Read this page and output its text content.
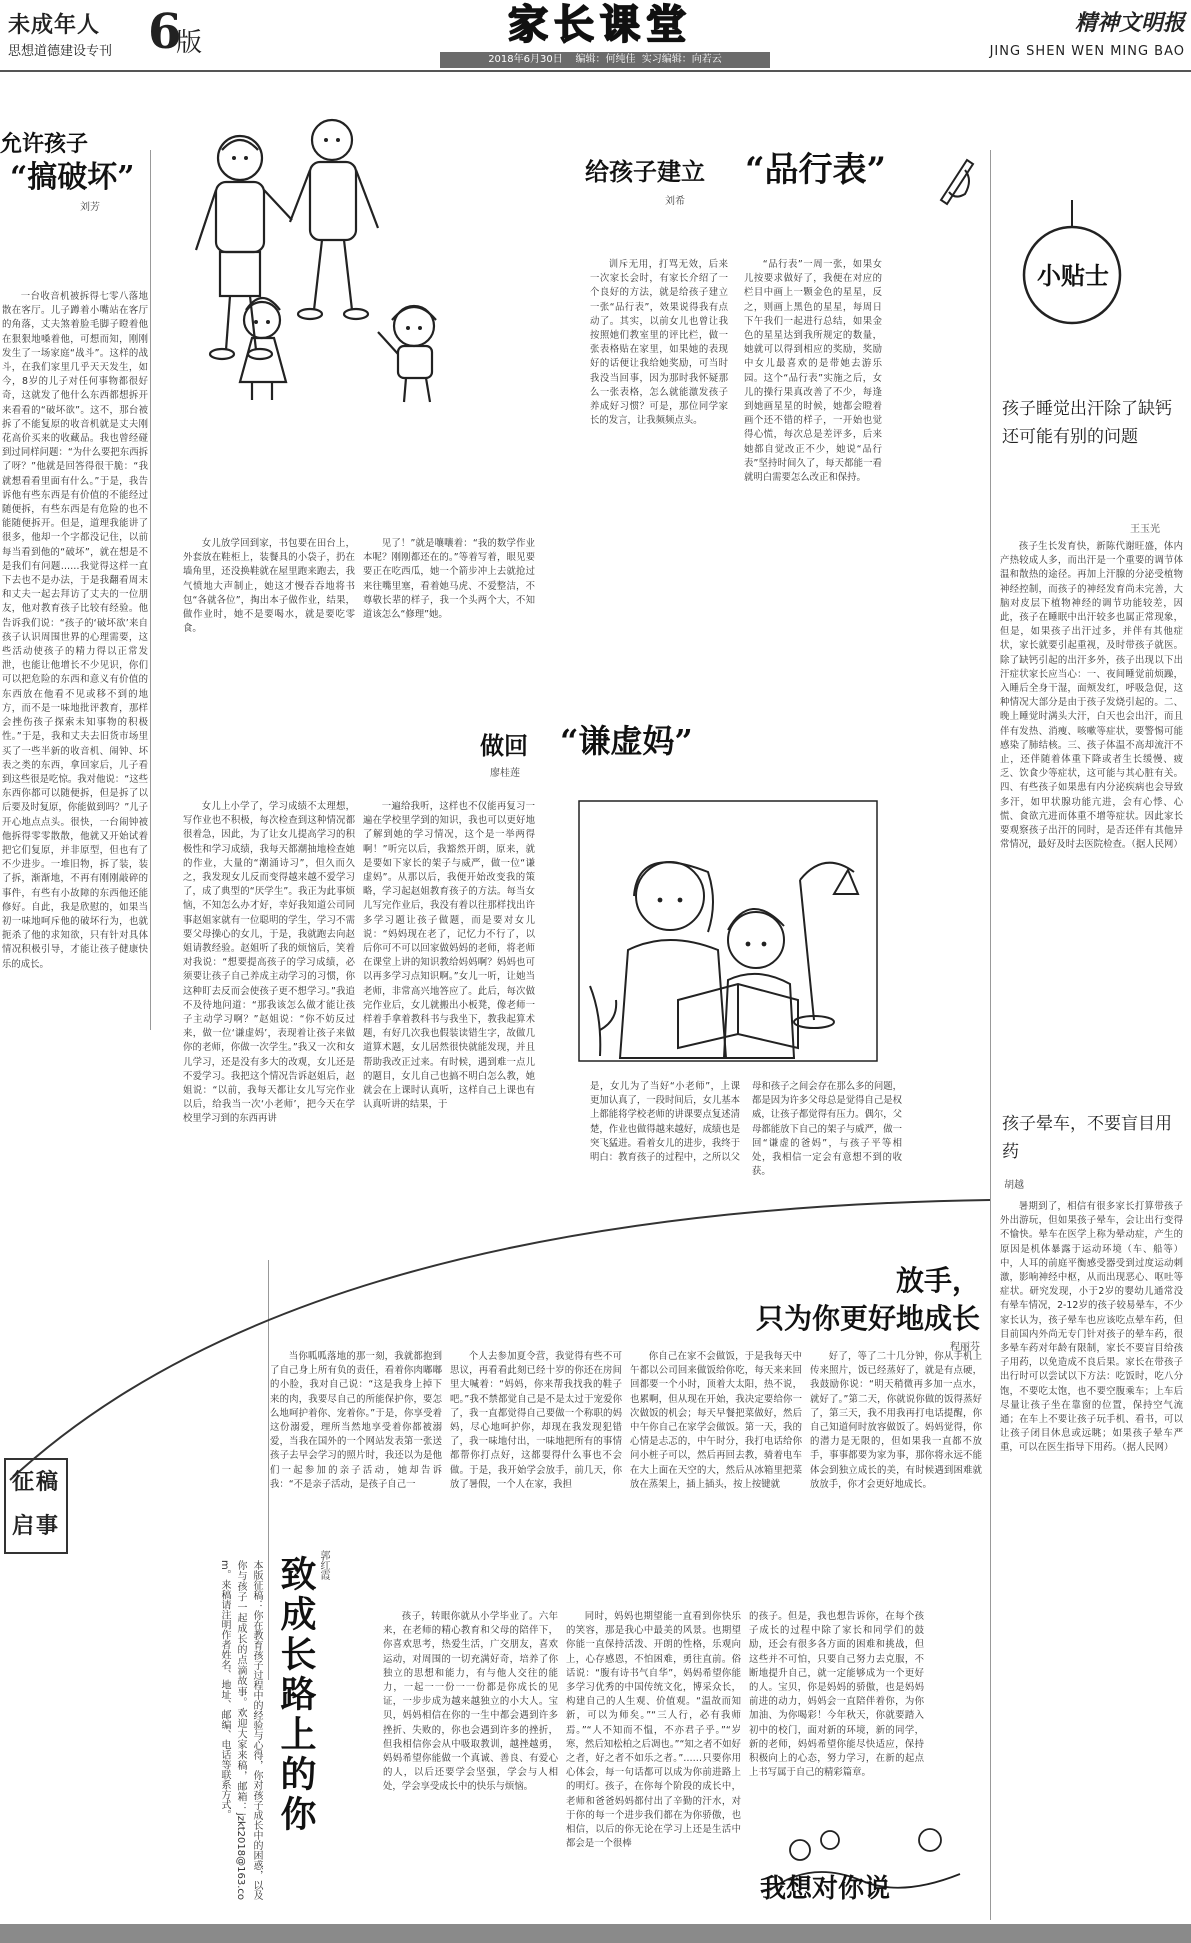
未成年人
思想道德建设专刊 6
版	家长课堂
2018年6月30日    编辑：何纯佳  实习编辑：向若云
精神文明报
JING SHEN WEN MING BAO
允许孩子
“搞破坏”
刘芳
一台收音机被拆得七零八落地散在客厅。儿子蹲着小嘴站在客厅的角落，丈夫煞着脸毛脚子瞪着他在狠狠地嗓着他，可想而知，刚刚发生了一场家庭“战斗”。这样的战斗，在我们家里几乎天天发生，如今，8岁的儿子对任何事物都很好奇，这就发了他什么东西都想拆开来看看的“破坏欲”。这不，那台被拆了不能复原的收音机就是丈夫刚花高价买来的收藏品。我也曾经碰到过同样问题：“为什么要把东西拆了呀？”他就是回答得很干脆：“我就想看看里面有什么。”于是，我告诉他有些东西是有价值的不能经过随便拆，有些东西是有危险的也不能随便拆开。但是，道理我能讲了很多，他却一个字都没记住，以前每当看到他的“破坏”，就在想是不是我们有问题……我觉得这样一直下去也不是办法，于是我翻看周末和丈夫一起去拜访了丈夫的一位朋友，他对教育孩子比较有经验。他告诉我们说：“孩子的‘破坏欲’来自孩子认识周围世界的心理需要，这些活动使孩子的精力得以正常发泄，也能让他增长不少见识，你们可以把危险的东西和意义有价值的东西放在他看不见或移不到的地方，而不是一味地批评教育，那样会挫伤孩子探索未知事物的积极性。”于是，我和丈夫去旧货市场里买了一些半新的收音机、闹钟、坏表之类的东西，拿回家后，儿子看到这些很是吃惊。我对他说：“这些东西你都可以随便拆，但是拆了以后要及时复原，你能做到吗？”儿子开心地点点头。很快，一台闹钟被他拆得零零散散，他就又开始试着把它们复原，并非原型，但也有了不少进步。一堆旧物，拆了装，装了拆，渐渐地，不再有刚刚敲碎的事件，有些有小故障的东西他还能修好。自此，我是欣慰的，如果当初一味地呵斥他的破坏行为，也就扼杀了他的求知欲，只有针对具体情况积极引导，才能让孩子健康快乐的成长。
给孩子建立 “品行表”
刘希
女儿放学回到家，书包要在田台上，外套放在鞋柜上，装餐具的小袋子，扔在墙角里，还没换鞋就在屋里跑来跑去，我气愤地大声制止，她这才慢吞吞地将书包“各就各位”，掏出本子做作业，结果，做作业时，她不是要喝水，就是要吃零食。
见了！”就是嚷嚷着：“我的数学作业本呢？刚刚都还在的。”等着写着，眼见要要正在吃西瓜，她一个箭步冲上去就抢过来往嘴里塞，看着她马虎、不爱整洁，不尊敬长辈的样子，我一个头两个大，不知道该怎么“修理”她。
训斥无用，打骂无效，后来一次家长会时，有家长介绍了一个良好的方法，就是给孩子建立一张“品行表”，效果说得我有点动了。其实，以前女儿也曾让我按照她们教室里的评比栏，做一张表格贴在家里，如果她的表现好的话便让我给她奖励，可当时我没当回事，因为那时我怀疑那么一张表格，怎么就能激发孩子养成好习惯？可是，那位同学家长的发言，让我频频点头。
“品行表”一周一张，如果女儿按要求做好了，我便在对应的栏目中画上一颗金色的星星，反之，则画上黑色的星星，每周日下午我们一起进行总结，如果金色的星星达到我所规定的数量，她就可以得到相应的奖励，奖励中女儿最喜欢的是带她去游乐园。这个“品行表”实施之后，女儿的操行果真改善了不少，每逢到她画星星的时候，她都会瞪着画个还不错的样子，一开始也觉得心慌，每次总是差评多，后来她都自觉改正不少，她说“品行表”坚持时间久了，每天都能一看就明白需要怎么改正和保持。
小贴士
孩子睡觉出汗除了缺钙还可能有别的问题
王玉光
孩子生长发育快，新陈代谢旺盛，体内产热较成人多，而出汗是一个重要的调节体温和散热的途径。再加上汗腺的分泌受植物神经控制，而孩子的神经发育尚未完善，大脑对皮层下植物神经的调节功能较差，因此，孩子在睡眠中出汗较多也属正常现象，但是，如果孩子出汗过多，并伴有其他症状，家长就要引起重视，及时带孩子就医。除了缺钙引起的出汗多外，孩子出现以下出汗症状家长应当心：一、夜间睡觉前烦躁，入睡后全身干湿，面颊发红，呼吸急促，这种情况大部分是由于孩子发烧引起的。二、晚上睡觉时满头大汗，白天也会出汗，而且伴有发热、消瘦、咳嗽等症状，要警惕可能感染了肺结核。三、孩子体温不高却流汗不止，还伴随着体重下降或者生长缓慢、疲乏、饮食少等症状，这可能与其心脏有关。四、有些孩子如果患有内分泌疾病也会导致多汗，如甲状腺功能亢进，会有心悸、心慌、食欲亢进而体重不增等症状。因此家长要观察孩子出汗的同时，是否还伴有其他异常情况，最好及时去医院检查。（据人民网）
孩子晕车，不要盲目用药
胡越
暑期到了，相信有很多家长打算带孩子外出游玩，但如果孩子晕车，会让出行变得不愉快。晕车在医学上称为晕动症，产生的原因是机体暴露于运动环境（车、船等）中，人耳的前庭平衡感受器受到过度运动刺激，影响神经中枢，从而出现恶心、呕吐等症状。研究发现，小于2岁的婴幼儿通常没有晕车情况，2-12岁的孩子较易晕车，不少家长认为，孩子晕车也应该吃点晕车药，但目前国内外尚无专门针对孩子的晕车药，很多晕车药对年龄有限制，家长不要盲目给孩子用药，以免造成不良后果。家长在带孩子出行时可以尝试以下方法：吃饭时，吃八分饱，不要吃太饱，也不要空腹乘车；上车后尽量让孩子坐在靠窗的位置，保持空气流通；在车上不要让孩子玩手机、看书，可以让孩子闭目休息或远眺；如果孩子晕车严重，可以在医生指导下用药。（据人民网）
做回 “谦虚妈”
廖桂莲
女儿上小学了，学习成绩不太理想，写作业也不积极，每次检查到这种情况都很着急，因此，为了让女儿提高学习的积极性和学习成绩，我每天都潮抽地检查她的作业，大量的“潮涌诗习”，但久而久之，我发现女儿反而变得越来越不爱学习了，成了典型的“厌学生”。我正为此事烦恼，不知怎么办才好，幸好我知道公司同事赵姐家就有一位聪明的学生，学习不需要父母操心的女儿，于是，我就跑去向赵姐请教经验。赵姐听了我的烦恼后，笑着对我说：“想要提高孩子的学习成绩，必须要让孩子自己养成主动学习的习惯，你这种盯去反而会使孩子更不想学习。”我追不及待地问道：“那我该怎么做才能让孩子主动学习啊？”赵姐说：“你不妨反过来，做一位‘谦虚妈’，表现着让孩子来做你的老师，你做一次学生。”我又一次和女儿学习，还是没有多大的改观，女儿还是不爱学习。我把这个情况告诉赵姐后，赵姐说：“以前，我每天都让女儿写完作业以后，给我当一次‘小老师’，把今天在学校里学习到的东西再讲
一遍给我听，这样也不仅能再复习一遍在学校里学到的知识，我也可以更好地了解到她的学习情况，这个是一举两得啊！”听完以后，我豁然开朗，原来，就是要如下家长的架子与威严，做一位“谦虚妈”。从那以后，我便开始改变我的策略，学习起赵姐教育孩子的方法。每当女儿写完作业后，我没有着以往那样找出许多学习题让孩子做题，而是要对女儿说：“妈妈现在老了，记忆力不行了，以后你可不可以回家做妈妈的老师，将老师在课堂上讲的知识教给妈妈啊？妈妈也可以再多学习点知识啊。”女儿一听，让她当老师，非常高兴地答应了。此后，每次做完作业后，女儿就搬出小板凳，像老师一样着手拿着教科书与我坐下，教我起算术题，有好几次我也假装读错生字，故做几道算术题，女儿居然很快就能发现，并且帮助我改正过来。有时候，遇到难一点儿的题目，女儿自己也搞不明白怎么教，她就会在上课时认真听，这样自己上课也有认真听讲的结果，于
是，女儿为了当好“小老师”，上课更加认真了，一段时间后，女儿基本上都能将学校老师的讲课要点复述清楚，作业也做得越来越好，成绩也是突飞猛进。看着女儿的进步，我终于明白：教育孩子的过程中，之所以父
母和孩子之间会存在那么多的问题，都是因为许多父母总是觉得自己是权威，让孩子都觉得有压力。偶尔，父母都能放下自己的架子与威严，做一回“谦虚的爸妈”，与孩子平等相处，我相信一定会有意想不到的收获。
放手，
只为你更好地成长
程丽芬
当你呱呱落地的那一刻，我就都抱到了自己身上所有负的责任，看着你肉嘟嘟的小脸，我对自己说：“这是我身上掉下来的肉，我要尽自己的所能保护你，要怎么地呵护着你、宠着你。”于是，你享受着这份溺爱，理所当然地享受着你都被溺爱，当我在国外的一个网站发表第一张送孩子去早会学习的照片时，我还以为是他们一起参加的亲子活动，她却告诉我：“不是亲子活动，是孩子自己一
个人去参加夏令营，我觉得有些不可思议，再看看此刻已经十岁的你还在房间里大喊着：“妈妈，你来帮我找我的鞋子吧。”我不禁都觉自己是不是太过于宠爱你了，我一直都觉得自己要做一个称职的妈妈，尽心地呵护你，却现在我发现犯错了，我一味地付出，一味地把所有的事情都帮你打点好，这都耍得什么事也不会做。于是，我开始学会放手，前几天，你放了暑假，一个人在家，我担
你自己在家不会做饭，于是我每天中午都以公司回来做饭给你吃，每天来来回回都要一个小时，顶着大太阳，热不说，也累啊，但从现在开始，我决定要给你一次做饭的机会；每天早餐把菜做好，然后中午你自己在家学会做饭。第一天，我的心情是忐忑的，中午时分，我打电话给你问小桩子可以，然后再回去教，骑着电车在大上面在天空的大，然后从冰箱里把菜放在蒸架上，插上插头，按上按键就
好了，等了二十几分钟，你从手机上传来照片，饭已经蒸好了，就是有点硬，我鼓励你说：“明天稍微再多加一点水，就好了。”第二天，你就说你做的饭得蒸好了，第三天，我不用我再打电话提醒，你自己知道何时放容做饭了。妈妈觉得，你的潜力是无限的，但如果我一直都不放手，事事都要为家为事，那你将永远不能体会到独立成长的美，有时候遇到困难就放放手，你才会更好地成长。
征稿启事
本版征稿：你在教育孩子过程中的经验与心得，你对孩子成长中的困惑，以及你与孩子一起成长的点滴故事。欢迎大家来稿，邮箱：jzkt2018@163.com。来稿请注明作者姓名、地址、邮编、电话等联系方式。	致成长路上的你 郭红霞
孩子，转眼你就从小学毕业了。六年来，在老师的精心教育和父母的陪伴下，你喜欢思考，热爱生活，广交朋友，喜欢运动，对周围的一切充满好奇，培养了你独立的思想和能力，有与他人交往的能力，一起一一份一一份都是你成长的见证，一步步成为越来越独立的小大人。宝贝，妈妈相信在你的一生中都会遇到许多挫折、失败的，你也会遇到许多的挫折，但我相信你会从中吸取教训，越挫越勇，妈妈希望你能做一个真诚、善良、有爱心的人，以后还要学会坚强，学会与人相处，学会享受成长中的快乐与烦恼。
同时，妈妈也期望能一直看到你快乐的笑容，那是我心中最美的风景。也期望你能一直保持活泼、开朗的性格，乐观向上，心存感恩，不怕困难，勇往直前。俗话说：“腹有诗书气自华”，妈妈希望你能多学习优秀的中国传统文化，博采众长，构建自己的人生观、价值观。“温故而知新，可以为师矣。”“三人行，必有我师焉。”“人不知而不愠，不亦君子乎。”“岁寒，然后知松柏之后凋也。”“知之者不如好之者，好之者不如乐之者。”……只要你用心体会，每一句话都可以成为你前进路上的明灯。孩子，在你每个阶段的成长中，老师和爸爸妈妈都付出了辛勤的汗水，对于你的每一个进步我们都在为你骄傲，也相信，以后的你无论在学习上还是生活中都会是一个很棒
的孩子。但是，我也想告诉你，在每个孩子成长的过程中除了家长和同学们的鼓励，还会有很多各方面的困难和挑战，但这些并不可怕，只要自己努力去克服，不断地提升自己，就一定能够成为一个更好的人。宝贝，你是妈妈的骄傲，也是妈妈前进的动力，妈妈会一直陪伴着你，为你加油、为你喝彩！今年秋天，你就要踏入初中的校门，面对新的环境，新的同学，新的老师，妈妈希望你能尽快适应，保持积极向上的心态，努力学习，在新的起点上书写属于自己的精彩篇章。
我想对你说
